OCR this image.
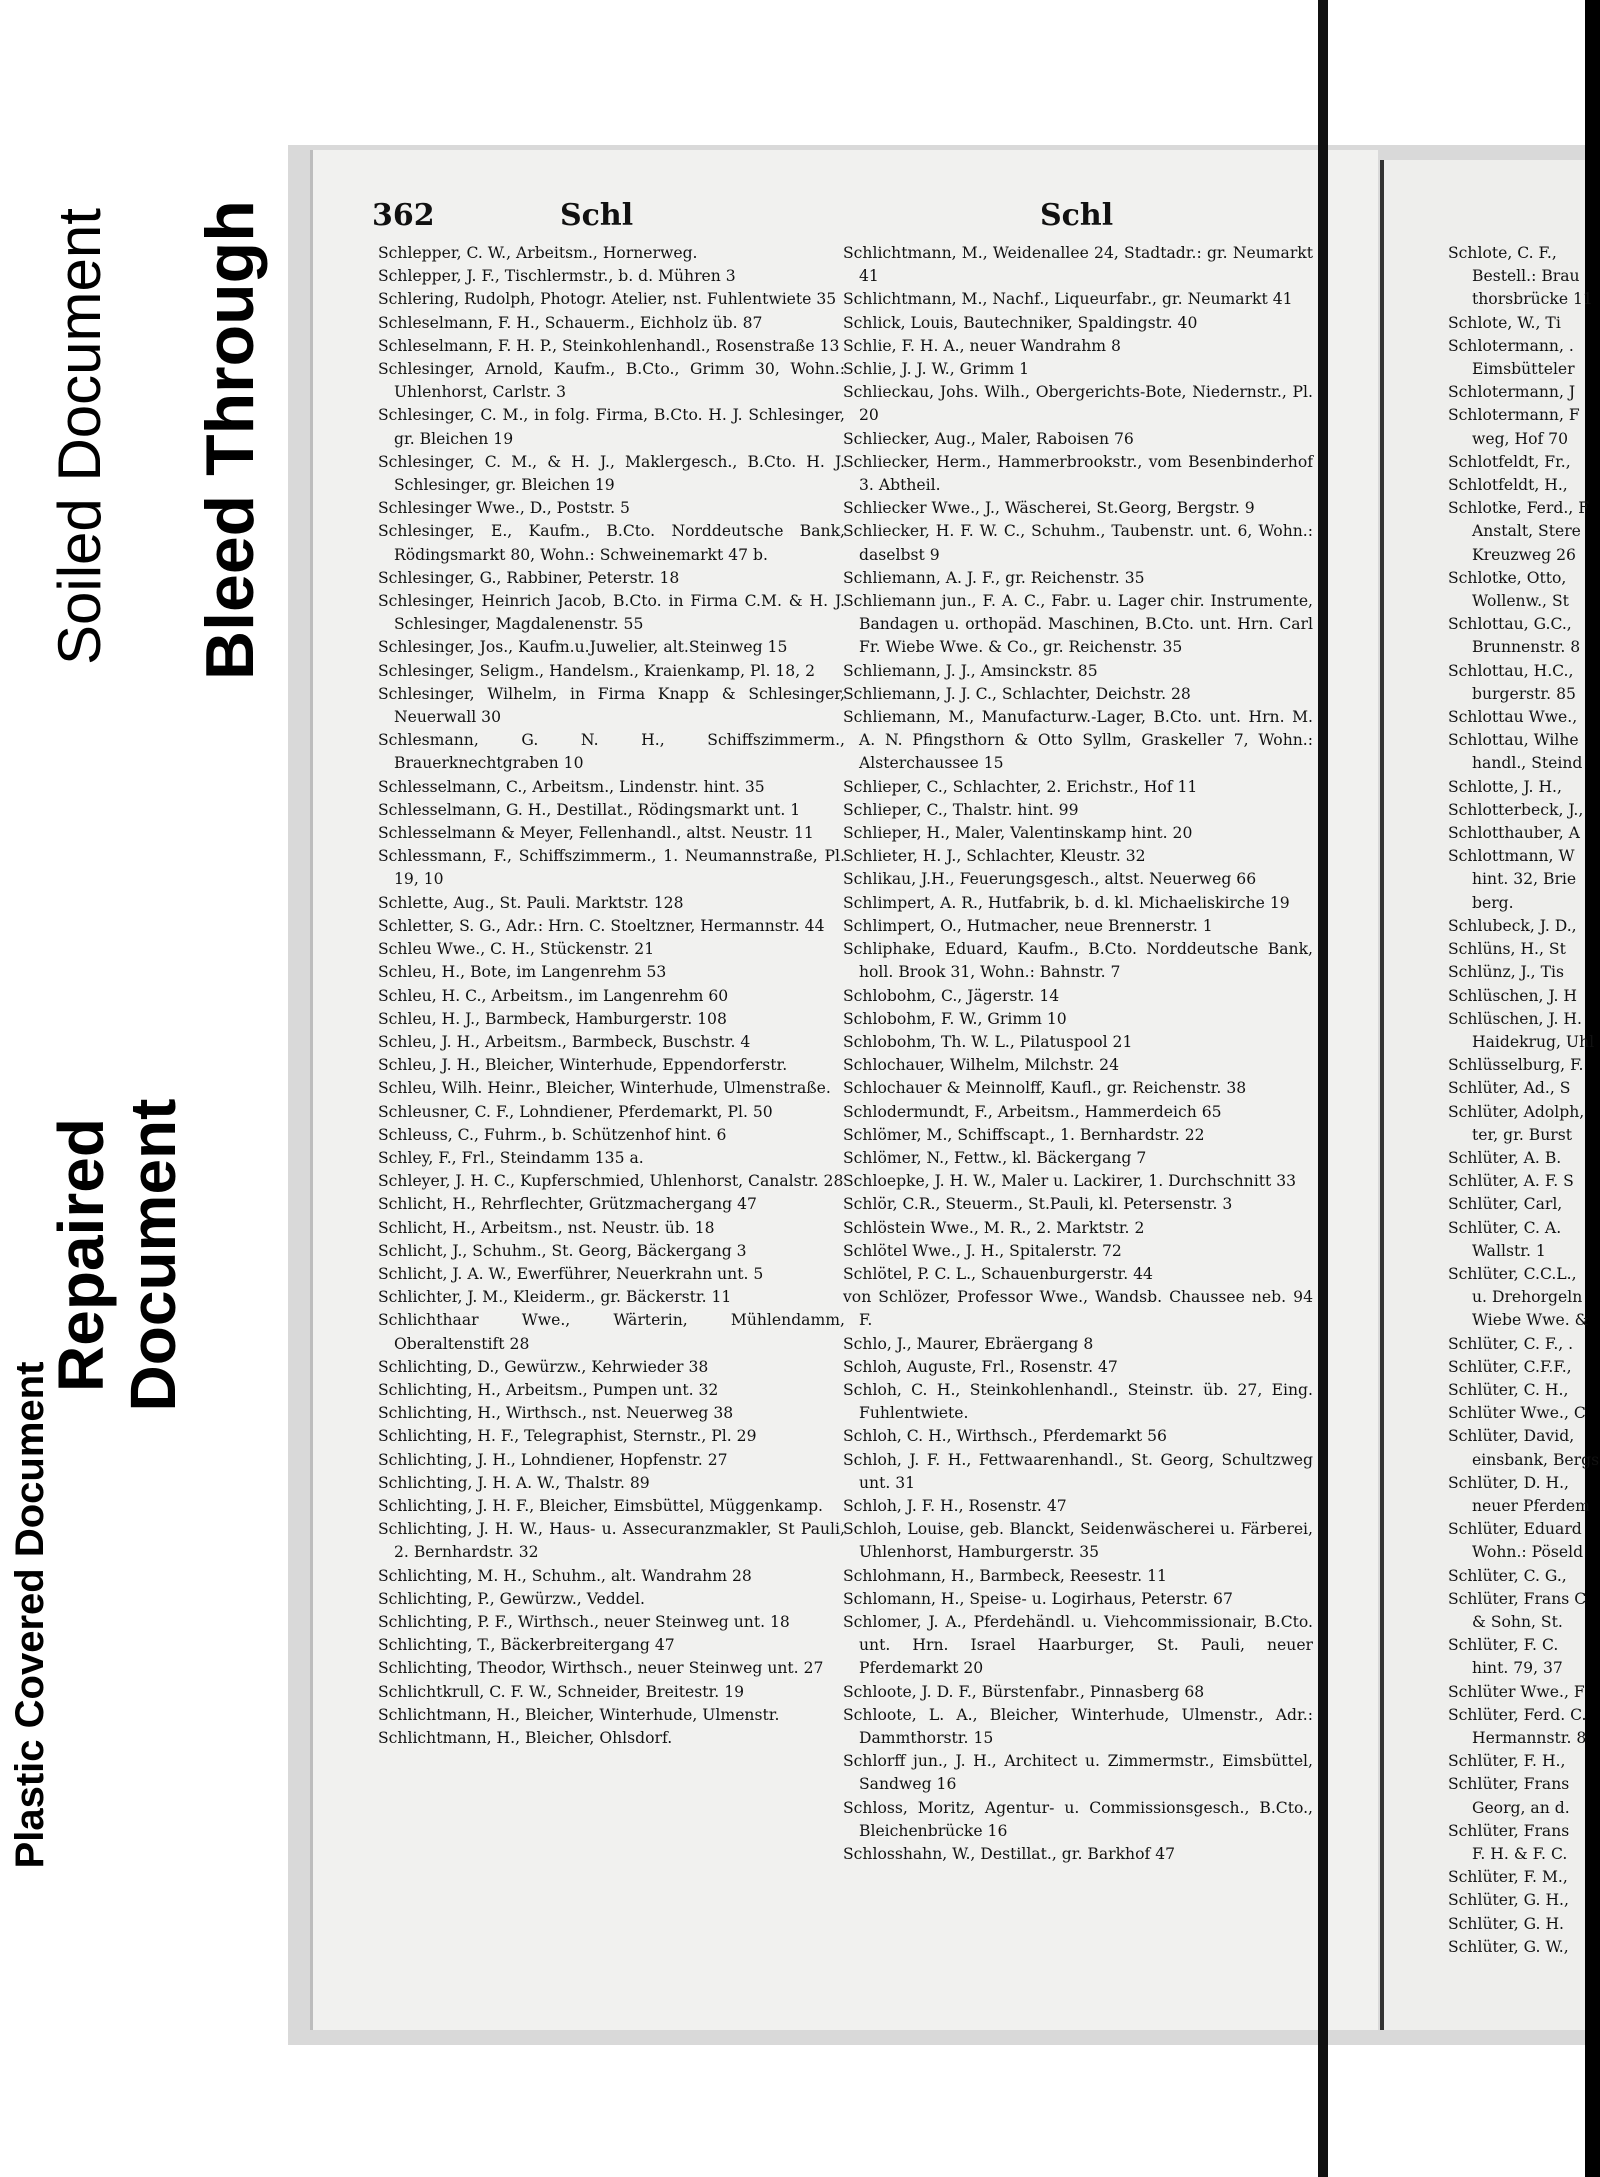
Soiled Document Bleed Through
Repaired
Document
Plastic Covered Document
362	Schl	Schl

Schlepper, C. W., Arbeitsm., Hornerweg.

Schlepper, J. F., Tischlermstr., b. d. Mühren 3

Schlering, Rudolph, Photogr. Atelier, nst. Fuhlentwiete 35

Schleselmann, F. H., Schauerm., Eichholz üb. 87

Schleselmann, F. H. P., Steinkohlenhandl., Rosenstraße 13

Schlesinger, Arnold, Kaufm., B.Cto., Grimm 30, Wohn.: Uhlenhorst, Carlstr. 3

Schlesinger, C. M., in folg. Firma, B.Cto. H. J. Schlesinger, gr. Bleichen 19

Schlesinger, C. M., & H. J., Maklergesch., B.Cto. H. J. Schlesinger, gr. Bleichen 19

Schlesinger Wwe., D., Poststr. 5

Schlesinger, E., Kaufm., B.Cto. Norddeutsche Bank, Rödingsmarkt 80, Wohn.: Schweinemarkt 47 b.

Schlesinger, G., Rabbiner, Peterstr. 18

Schlesinger, Heinrich Jacob, B.Cto. in Firma C.M. & H. J. Schlesinger, Magdalenenstr. 55

Schlesinger, Jos., Kaufm.u.Juwelier, alt.Steinweg 15

Schlesinger, Seligm., Handelsm., Kraienkamp, Pl. 18, 2

Schlesinger, Wilhelm, in Firma Knapp & Schlesinger, Neuerwall 30

Schlesmann, G. N. H., Schiffszimmerm., Brauerknechtgraben 10

Schlesselmann, C., Arbeitsm., Lindenstr. hint. 35

Schlesselmann, G. H., Destillat., Rödingsmarkt unt. 1

Schlesselmann & Meyer, Fellenhandl., altst. Neustr. 11

Schlessmann, F., Schiffszimmerm., 1. Neumannstraße, Pl. 19, 10

Schlette, Aug., St. Pauli. Marktstr. 128

Schletter, S. G., Adr.: Hrn. C. Stoeltzner, Hermannstr. 44

Schleu Wwe., C. H., Stückenstr. 21

Schleu, H., Bote, im Langenrehm 53

Schleu, H. C., Arbeitsm., im Langenrehm 60

Schleu, H. J., Barmbeck, Hamburgerstr. 108

Schleu, J. H., Arbeitsm., Barmbeck, Buschstr. 4

Schleu, J. H., Bleicher, Winterhude, Eppendorferstr.

Schleu, Wilh. Heinr., Bleicher, Winterhude, Ulmenstraße.

Schleusner, C. F., Lohndiener, Pferdemarkt, Pl. 50

Schleuss, C., Fuhrm., b. Schützenhof hint. 6

Schley, F., Frl., Steindamm 135 a.

Schleyer, J. H. C., Kupferschmied, Uhlenhorst, Canalstr. 28

Schlicht, H., Rehrflechter, Grützmachergang 47

Schlicht, H., Arbeitsm., nst. Neustr. üb. 18

Schlicht, J., Schuhm., St. Georg, Bäckergang 3

Schlicht, J. A. W., Ewerführer, Neuerkrahn unt. 5

Schlichter, J. M., Kleiderm., gr. Bäckerstr. 11

Schlichthaar Wwe., Wärterin, Mühlendamm, Oberaltenstift 28

Schlichting, D., Gewürzw., Kehrwieder 38

Schlichting, H., Arbeitsm., Pumpen unt. 32

Schlichting, H., Wirthsch., nst. Neuerweg 38

Schlichting, H. F., Telegraphist, Sternstr., Pl. 29

Schlichting, J. H., Lohndiener, Hopfenstr. 27

Schlichting, J. H. A. W., Thalstr. 89

Schlichting, J. H. F., Bleicher, Eimsbüttel, Müggenkamp.

Schlichting, J. H. W., Haus- u. Assecuranzmakler, St Pauli, 2. Bernhardstr. 32

Schlichting, M. H., Schuhm., alt. Wandrahm 28

Schlichting, P., Gewürzw., Veddel.

Schlichting, P. F., Wirthsch., neuer Steinweg unt. 18

Schlichting, T., Bäckerbreitergang 47

Schlichting, Theodor, Wirthsch., neuer Steinweg unt. 27

Schlichtkrull, C. F. W., Schneider, Breitestr. 19

Schlichtmann, H., Bleicher, Winterhude, Ulmenstr.

Schlichtmann, H., Bleicher, Ohlsdorf.

Schlichtmann, M., Weidenallee 24, Stadtadr.: gr. Neumarkt 41

Schlichtmann, M., Nachf., Liqueurfabr., gr. Neumarkt 41

Schlick, Louis, Bautechniker, Spaldingstr. 40

Schlie, F. H. A., neuer Wandrahm 8

Schlie, J. J. W., Grimm 1

Schlieckau, Johs. Wilh., Obergerichts-Bote, Niedernstr., Pl. 20

Schliecker, Aug., Maler, Raboisen 76

Schliecker, Herm., Hammerbrookstr., vom Besenbinderhof 3. Abtheil.

Schliecker Wwe., J., Wäscherei, St.Georg, Bergstr. 9

Schliecker, H. F. W. C., Schuhm., Taubenstr. unt. 6, Wohn.: daselbst 9

Schliemann, A. J. F., gr. Reichenstr. 35

Schliemann jun., F. A. C., Fabr. u. Lager chir. Instrumente, Bandagen u. orthopäd. Maschinen, B.Cto. unt. Hrn. Carl Fr. Wiebe Wwe. & Co., gr. Reichenstr. 35

Schliemann, J. J., Amsinckstr. 85

Schliemann, J. J. C., Schlachter, Deichstr. 28

Schliemann, M., Manufacturw.-Lager, B.Cto. unt. Hrn. M. A. N. Pfingsthorn & Otto Syllm, Graskeller 7, Wohn.: Alsterchaussee 15

Schlieper, C., Schlachter, 2. Erichstr., Hof 11

Schlieper, C., Thalstr. hint. 99

Schlieper, H., Maler, Valentinskamp hint. 20

Schlieter, H. J., Schlachter, Kleustr. 32

Schlikau, J.H., Feuerungsgesch., altst. Neuerweg 66

Schlimpert, A. R., Hutfabrik, b. d. kl. Michaeliskirche 19

Schlimpert, O., Hutmacher, neue Brennerstr. 1

Schliphake, Eduard, Kaufm., B.Cto. Norddeutsche Bank, holl. Brook 31, Wohn.: Bahnstr. 7

Schlobohm, C., Jägerstr. 14

Schlobohm, F. W., Grimm 10

Schlobohm, Th. W. L., Pilatuspool 21

Schlochauer, Wilhelm, Milchstr. 24

Schlochauer & Meinnolff, Kaufl., gr. Reichenstr. 38

Schlodermundt, F., Arbeitsm., Hammerdeich 65

Schlömer, M., Schiffscapt., 1. Bernhardstr. 22

Schlömer, N., Fettw., kl. Bäckergang 7

Schloepke, J. H. W., Maler u. Lackirer, 1. Durchschnitt 33

Schlör, C.R., Steuerm., St.Pauli, kl. Petersenstr. 3

Schlöstein Wwe., M. R., 2. Marktstr. 2

Schlötel Wwe., J. H., Spitalerstr. 72

Schlötel, P. C. L., Schauenburgerstr. 44

von Schlözer, Professor Wwe., Wandsb. Chaussee neb. 94 F.

Schlo, J., Maurer, Ebräergang 8

Schloh, Auguste, Frl., Rosenstr. 47

Schloh, C. H., Steinkohlenhandl., Steinstr. üb. 27, Eing. Fuhlentwiete.

Schloh, C. H., Wirthsch., Pferdemarkt 56

Schloh, J. F. H., Fettwaarenhandl., St. Georg, Schultzweg unt. 31

Schloh, J. F. H., Rosenstr. 47

Schloh, Louise, geb. Blanckt, Seidenwäscherei u. Färberei, Uhlenhorst, Hamburgerstr. 35

Schlohmann, H., Barmbeck, Reesestr. 11

Schlomann, H., Speise- u. Logirhaus, Peterstr. 67

Schlomer, J. A., Pferdehändl. u. Viehcommissionair, B.Cto. unt. Hrn. Israel Haarburger, St. Pauli, neuer Pferdemarkt 20

Schloote, J. D. F., Bürstenfabr., Pinnasberg 68

Schloote, L. A., Bleicher, Winterhude, Ulmenstr., Adr.: Dammthorstr. 15

Schlorff jun., J. H., Architect u. Zimmermstr., Eimsbüttel, Sandweg 16

Schloss, Moritz, Agentur- u. Commissionsgesch., B.Cto., Bleichenbrücke 16

Schlosshahn, W., Destillat., gr. Barkhof 47

Schlote, C. F.,

Bestell.: Brau

thorsbrücke 11

Schlote, W., Ti

Schlotermann, .

Eimsbütteler

Schlotermann, J

Schlotermann, F

weg, Hof 70

Schlotfeldt, Fr.,

Schlotfeldt, H.,

Schlotke, Ferd., F

Anstalt, Stere

Kreuzweg 26

Schlotke, Otto,

Wollenw., St

Schlottau, G.C.,

Brunnenstr. 8

Schlottau, H.C.,

burgerstr. 85

Schlottau Wwe.,

Schlottau, Wilhe

handl., Steind

Schlotte, J. H.,

Schlotterbeck, J.,

Schlotthauber, A

Schlottmann, W

hint. 32, Brie

berg.

Schlubeck, J. D.,

Schlüns, H., St

Schlünz, J., Tis

Schlüschen, J. H

Schlüschen, J. H.

Haidekrug, Uhl

Schlüsselburg, F.

Schlüter, Ad., S

Schlüter, Adolph,

ter, gr. Burst

Schlüter, A. B.

Schlüter, A. F. S

Schlüter, Carl,

Schlüter, C. A.

Wallstr. 1

Schlüter, C.C.L.,

u. Drehorgeln

Wiebe Wwe. &

Schlüter, C. F., .

Schlüter, C.F.F.,

Schlüter, C. H.,

Schlüter Wwe., C

Schlüter, David,

einsbank, Bergs

Schlüter, D. H.,

neuer Pferdem

Schlüter, Eduard

Wohn.: Pöseld

Schlüter, C. G.,

Schlüter, Frans C

& Sohn, St.

Schlüter, F. C.

hint. 79, 37

Schlüter Wwe., F

Schlüter, Ferd. C.

Hermannstr. 8

Schlüter, F. H.,

Schlüter, Frans

Georg, an d.

Schlüter, Frans

F. H. & F. C.

Schlüter, F. M.,

Schlüter, G. H.,

Schlüter, G. H.

Schlüter, G. W.,
